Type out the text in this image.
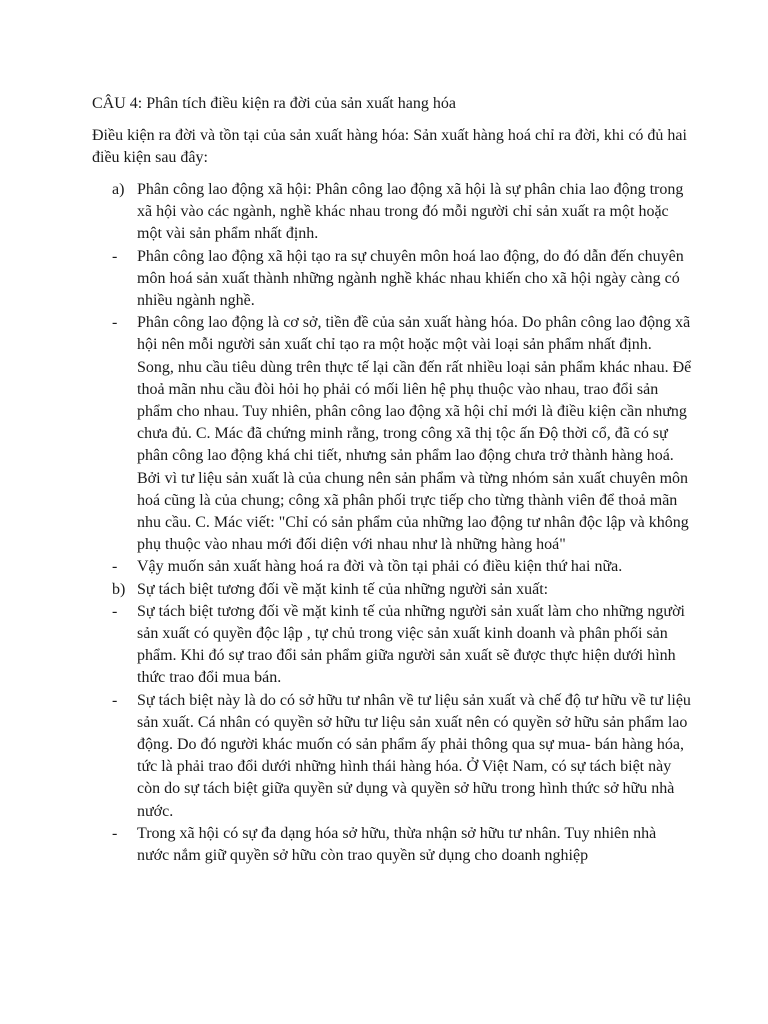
CÂU 4: Phân tích điều kiện ra đời của sản xuất hang hóa

Điều kiện ra đời và tồn tại của sản xuất hàng hóa: Sản xuất hàng hoá chỉ ra đời, khi có đủ hai điều kiện sau đây:

a) Phân công lao động xã hội: Phân công lao động xã hội là sự phân chia lao động trong xã hội vào các ngành, nghề khác nhau trong đó mỗi người chỉ sản xuất ra một hoặc một vài sản phẩm nhất định.
-	Phân công lao động xã hội tạo ra sự chuyên môn hoá lao động, do đó dẫn đến chuyên môn hoá sản xuất thành những ngành nghề khác nhau khiến cho xã hội ngày càng có nhiều ngành nghề.
-	Phân công lao động là cơ sở, tiền đề của sản xuất hàng hóa. Do phân công lao động xã hội nên mỗi người sản xuất chỉ tạo ra một hoặc một vài loại sản phẩm nhất định. Song, nhu cầu tiêu dùng trên thực tế lại cần đến rất nhiều loại sản phẩm khác nhau. Để thoả mãn nhu cầu đòi hỏi họ phải có mối liên hệ phụ thuộc vào nhau, trao đổi sản phẩm cho nhau. Tuy nhiên, phân công lao động xã hội chỉ mới là điều kiện cần nhưng chưa đủ. C. Mác đã chứng minh rằng, trong công xã thị tộc ấn Độ thời cổ, đã có sự phân công lao động khá chi tiết, nhưng sản phẩm lao động chưa trở thành hàng hoá. Bởi vì tư liệu sản xuất là của chung nên sản phẩm và từng nhóm sản xuất chuyên môn hoá cũng là của chung; công xã phân phối trực tiếp cho từng thành viên để thoả mãn nhu cầu. C. Mác viết: "Chỉ có sản phẩm của những lao động tư nhân độc lập và không phụ thuộc vào nhau mới đối diện với nhau như là những hàng hoá"
-	Vậy muốn sản xuất hàng hoá ra đời và tồn tại phải có điều kiện thứ hai nữa.
b) Sự tách biệt tương đối về mặt kinh tế của những người sản xuất:
-	Sự tách biệt tương đối về mặt kinh tế của những người sản xuất làm cho những người sản xuất có quyền độc lập , tự chủ trong việc sản xuất kinh doanh và phân phối sản phẩm. Khi đó sự trao đổi sản phẩm giữa người sản xuất sẽ được thực hiện dưới hình thức trao đổi mua bán.
-	Sự tách biệt này là do có sở hữu tư nhân về tư liệu sản xuất và chế độ tư hữu về tư liệu sản xuất. Cá nhân có quyền sở hữu tư liệu sản xuất nên có quyền sở hữu sản phẩm lao động. Do đó người khác muốn có sản phẩm ấy phải thông qua sự mua- bán hàng hóa, tức là phải trao đổi dưới những hình thái hàng hóa. Ở Việt Nam, có sự tách biệt này còn do sự tách biệt giữa quyền sử dụng và quyền sở hữu trong hình thức sở hữu nhà nước.
-	Trong xã hội có sự đa dạng hóa sở hữu, thừa nhận sở hữu tư nhân. Tuy nhiên nhà nước nắm giữ quyền sở hữu còn trao quyền sử dụng cho doanh nghiệp
